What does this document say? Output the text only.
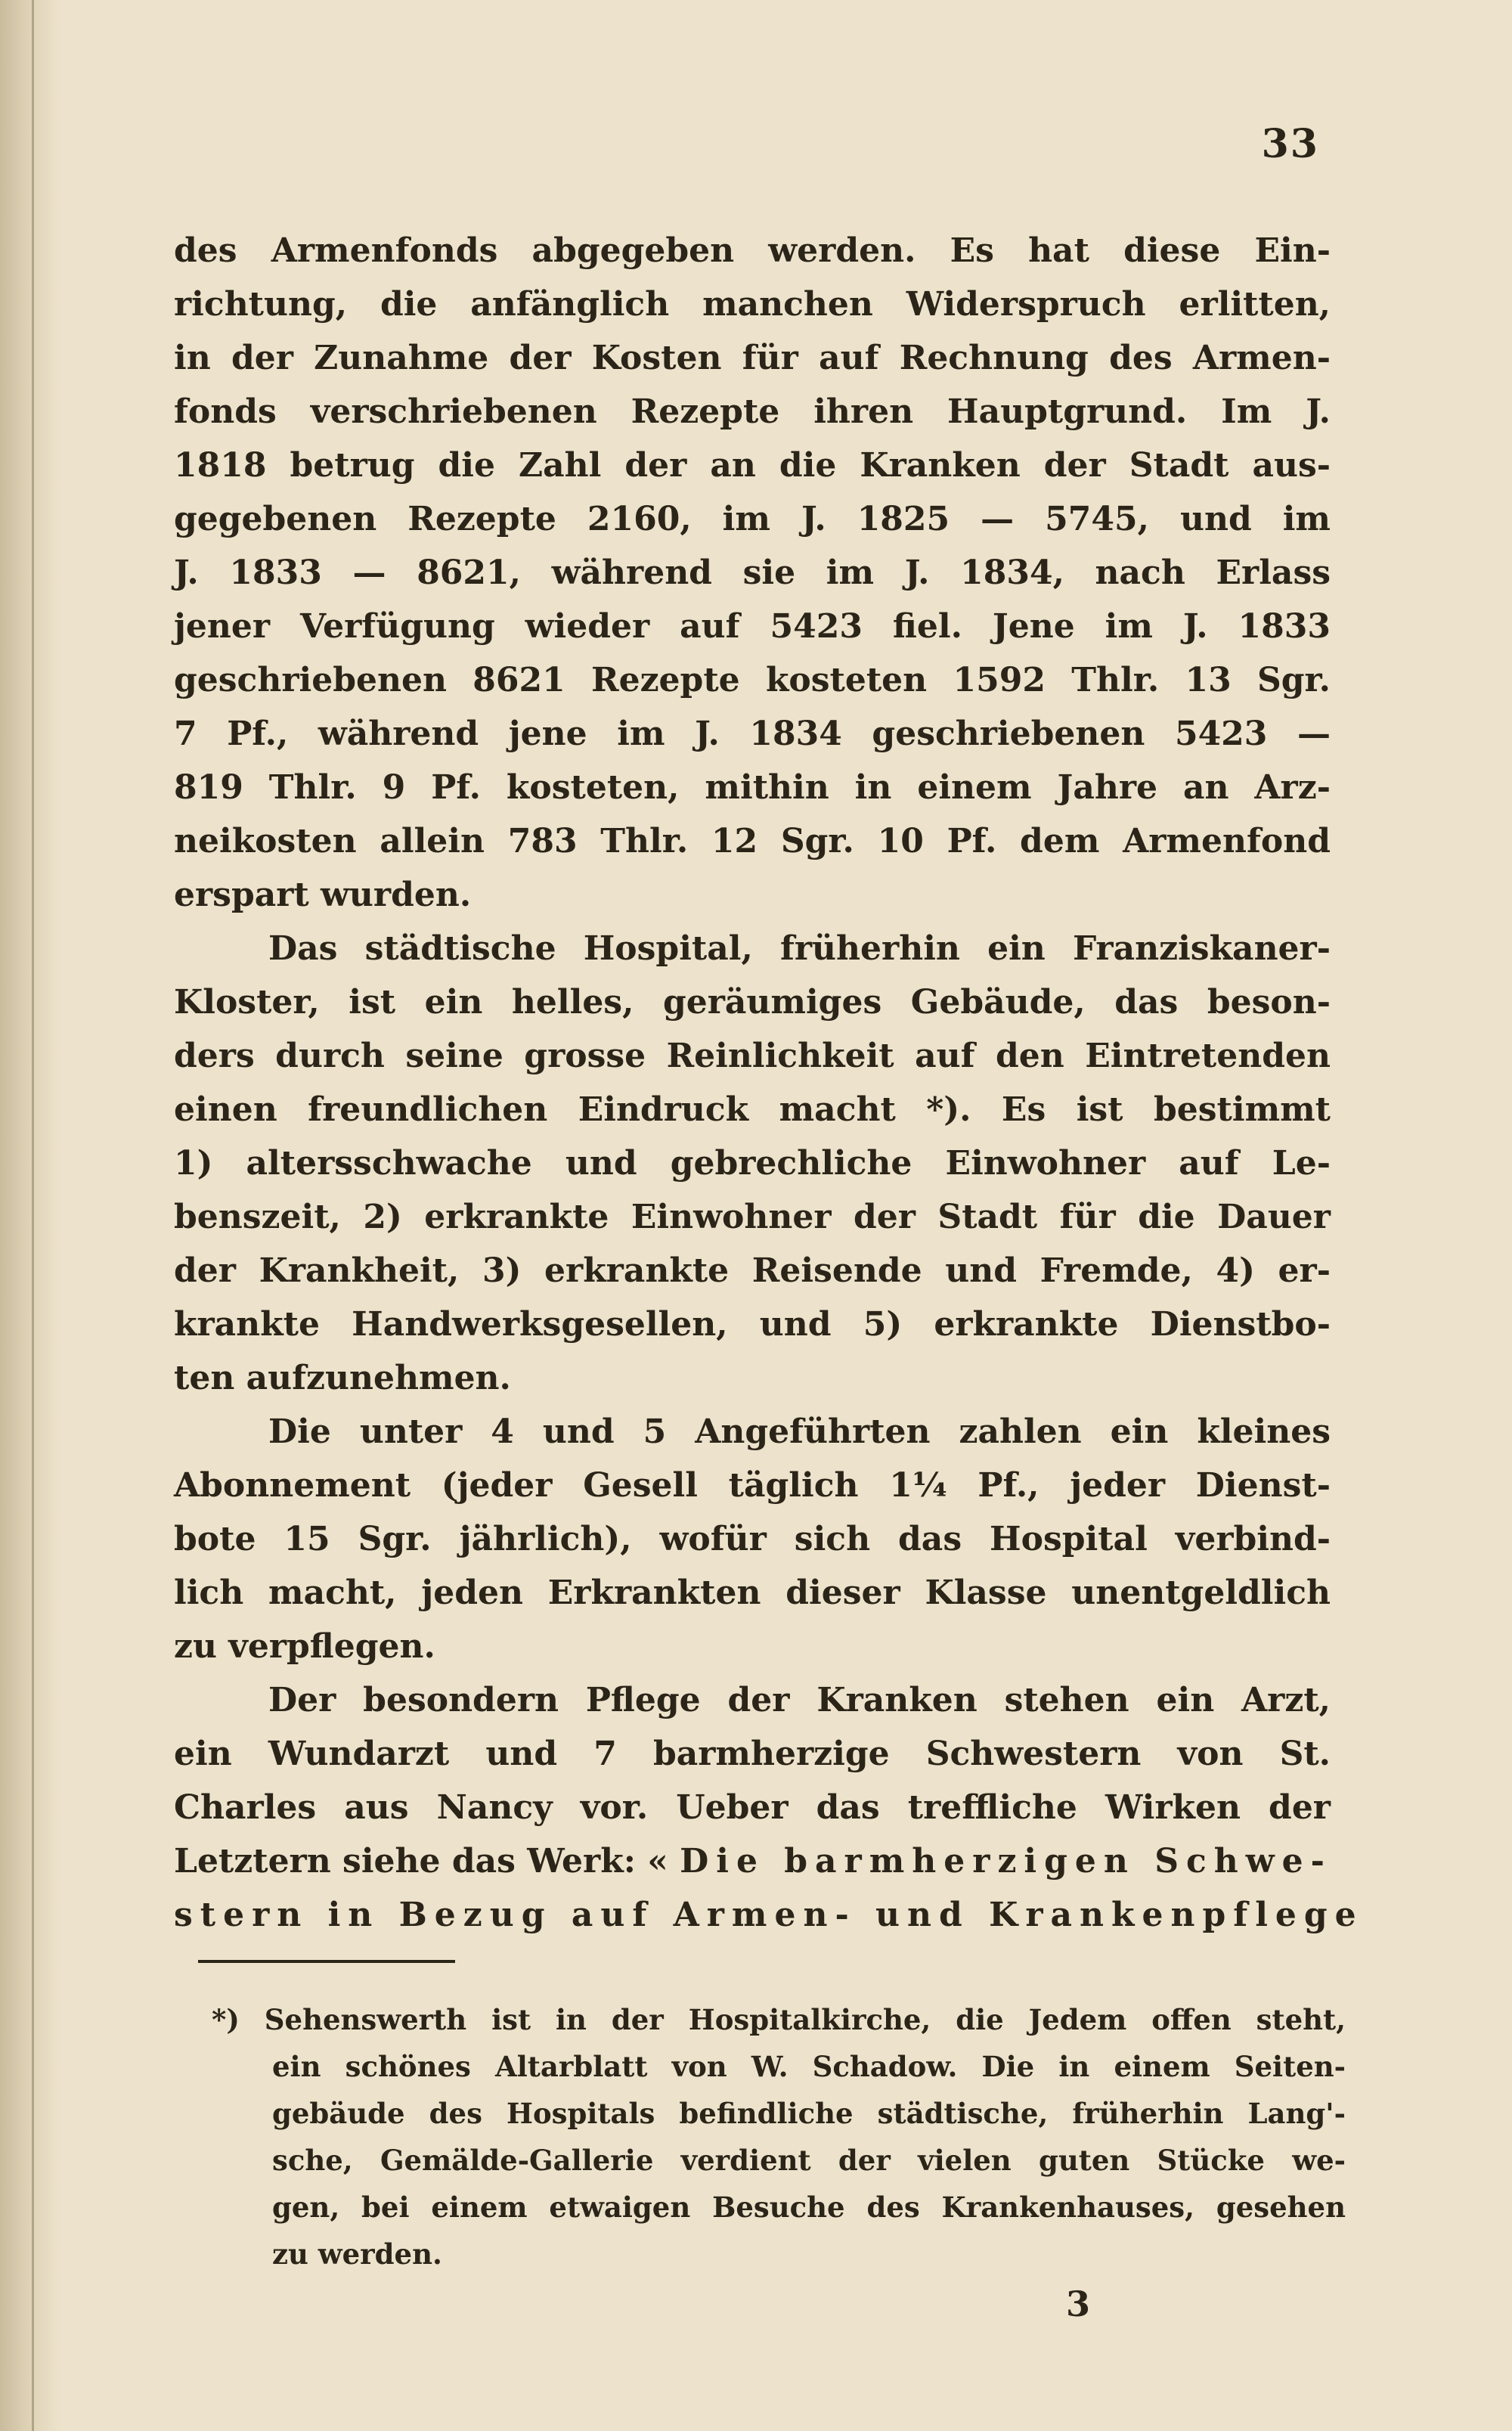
33
des Armenfonds abgegeben werden. Es hat diese Ein-
richtung, die anfänglich manchen Widerspruch erlitten,
in der Zunahme der Kosten für auf Rechnung des Armen-
fonds verschriebenen Rezepte ihren Hauptgrund. Im J.
1818 betrug die Zahl der an die Kranken der Stadt aus-
gegebenen Rezepte 2160, im J. 1825 — 5745, und im
J. 1833 — 8621, während sie im J. 1834, nach Erlass
jener Verfügung wieder auf 5423 fiel. Jene im J. 1833
geschriebenen 8621 Rezepte kosteten 1592 Thlr. 13 Sgr.
7 Pf., während jene im J. 1834 geschriebenen 5423 —
819 Thlr. 9 Pf. kosteten, mithin in einem Jahre an Arz-
neikosten allein 783 Thlr. 12 Sgr. 10 Pf. dem Armenfond
erspart wurden.
Das städtische Hospital, früherhin ein Franziskaner-
Kloster, ist ein helles, geräumiges Gebäude, das beson-
ders durch seine grosse Reinlichkeit auf den Eintretenden
einen freundlichen Eindruck macht *). Es ist bestimmt
1) altersschwache und gebrechliche Einwohner auf Le-
benszeit, 2) erkrankte Einwohner der Stadt für die Dauer
der Krankheit, 3) erkrankte Reisende und Fremde, 4) er-
krankte Handwerksgesellen, und 5) erkrankte Dienstbo-
ten aufzunehmen.
Die unter 4 und 5 Angeführten zahlen ein kleines
Abonnement (jeder Gesell täglich 1¼ Pf., jeder Dienst-
bote 15 Sgr. jährlich), wofür sich das Hospital verbind-
lich macht, jeden Erkrankten dieser Klasse unentgeldlich
zu verpflegen.
Der besondern Pflege der Kranken stehen ein Arzt,
ein Wundarzt und 7 barmherzige Schwestern von St.
Charles aus Nancy vor. Ueber das treffliche Wirken der
Letztern siehe das Werk: « Die barmherzigen Schwe-
stern in Bezug auf Armen- und Krankenpflege
*) Sehenswerth ist in der Hospitalkirche, die Jedem offen steht,
ein schönes Altarblatt von W. Schadow. Die in einem Seiten-
gebäude des Hospitals befindliche städtische, früherhin Lang'-
sche, Gemälde-Gallerie verdient der vielen guten Stücke we-
gen, bei einem etwaigen Besuche des Krankenhauses, gesehen
zu werden.
3
